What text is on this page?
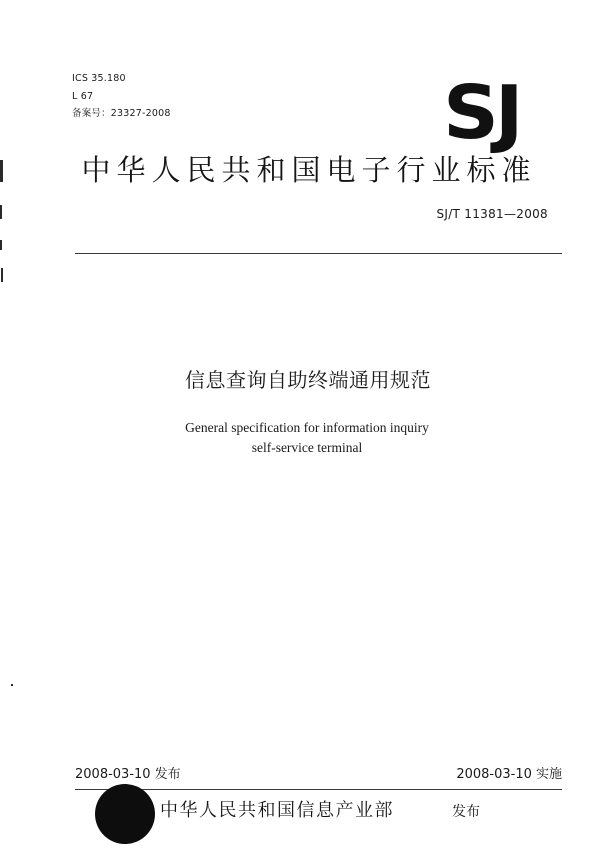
ICS 35.180
L 67
备案号：23327-2008	SJ
中华人民共和国电子行业标准
SJ/T 11381—2008
信息查询自助终端通用规范
General specification for information inquiry
self-service terminal
2008-03-10 发布	2008-03-10 实施
中华人民共和国信息产业部	发布
